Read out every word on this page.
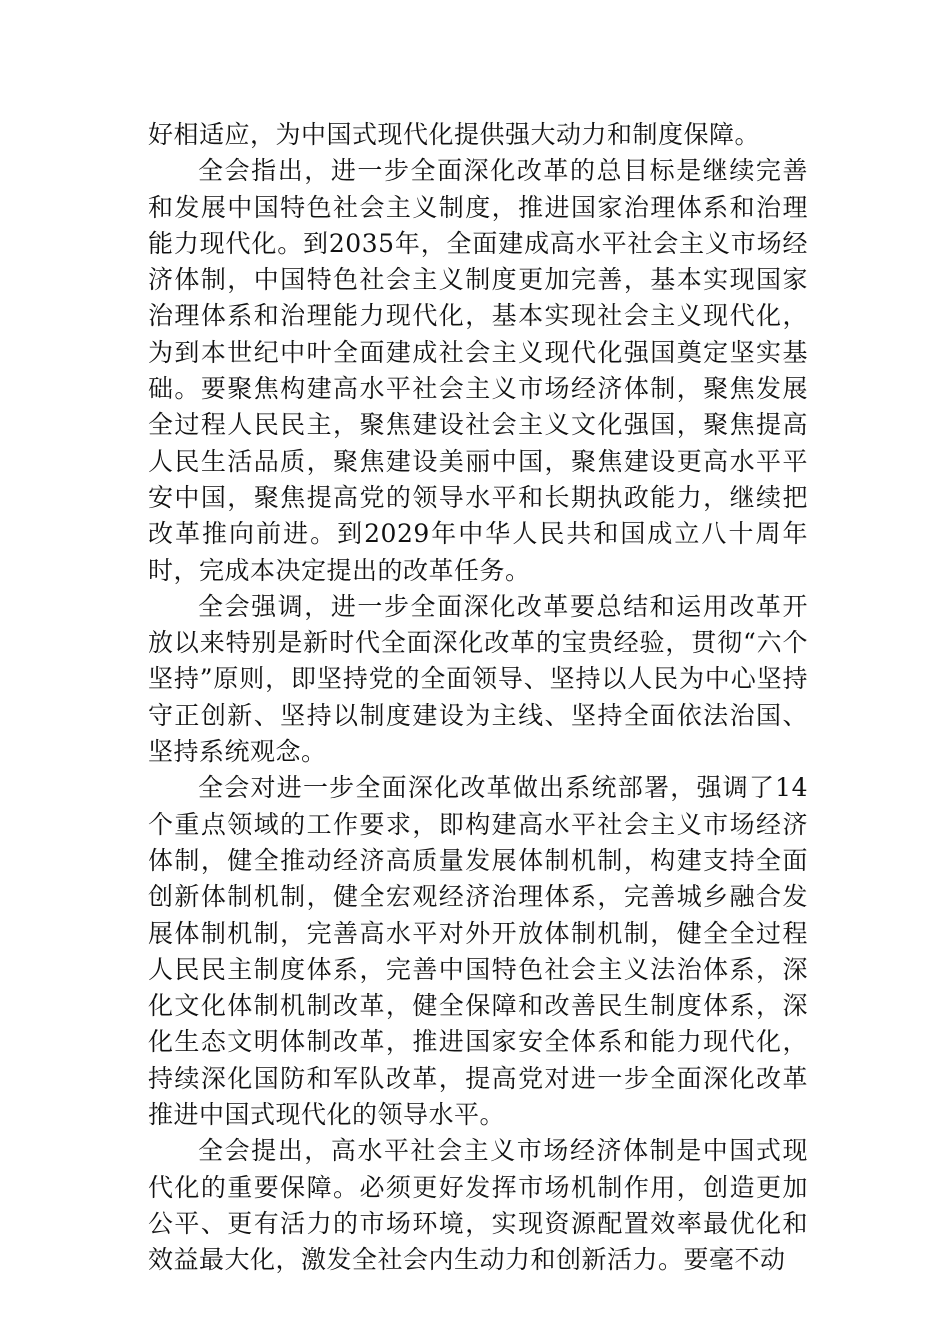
好相适应，为中国式现代化提供强大动力和制度保障。

全会指出，进一步全面深化改革的总目标是继续完善和发展中国特色社会主义制度，推进国家治理体系和治理能力现代化。到2035年，全面建成高水平社会主义市场经济体制，中国特色社会主义制度更加完善，基本实现国家治理体系和治理能力现代化，基本实现社会主义现代化，为到本世纪中叶全面建成社会主义现代化强国奠定坚实基础。要聚焦构建高水平社会主义市场经济体制，聚焦发展全过程人民民主，聚焦建设社会主义文化强国，聚焦提高人民生活品质，聚焦建设美丽中国，聚焦建设更高水平平安中国，聚焦提高党的领导水平和长期执政能力，继续把改革推向前进。到2029年中华人民共和国成立八十周年时，完成本决定提出的改革任务。

全会强调，进一步全面深化改革要总结和运用改革开放以来特别是新时代全面深化改革的宝贵经验，贯彻“六个坚持”原则，即坚持党的全面领导、坚持以人民为中心坚持守正创新、坚持以制度建设为主线、坚持全面依法治国、坚持系统观念。

全会对进一步全面深化改革做出系统部署，强调了14个重点领域的工作要求，即构建高水平社会主义市场经济体制，健全推动经济高质量发展体制机制，构建支持全面创新体制机制，健全宏观经济治理体系，完善城乡融合发展体制机制，完善高水平对外开放体制机制，健全全过程人民民主制度体系，完善中国特色社会主义法治体系，深化文化体制机制改革，健全保障和改善民生制度体系，深化生态文明体制改革，推进国家安全体系和能力现代化，持续深化国防和军队改革，提高党对进一步全面深化改革推进中国式现代化的领导水平。

全会提出，高水平社会主义市场经济体制是中国式现代化的重要保障。必须更好发挥市场机制作用，创造更加公平、更有活力的市场环境，实现资源配置效率最优化和效益最大化，激发全社会内生动力和创新活力。要毫不动
